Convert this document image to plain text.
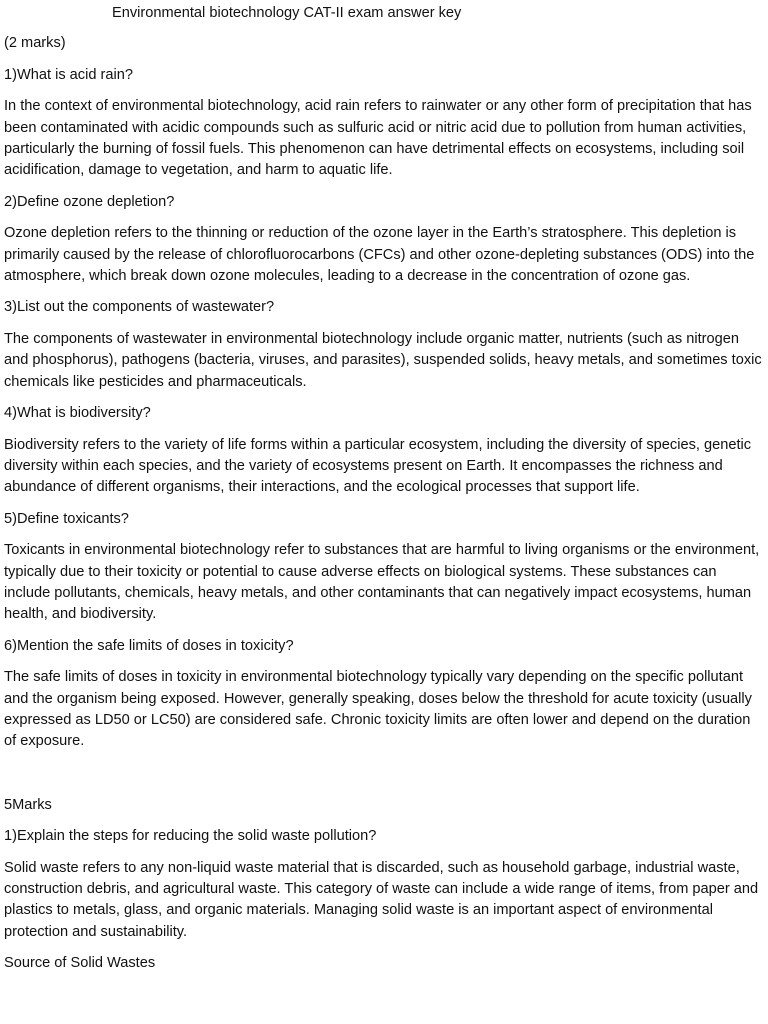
Environmental biotechnology CAT-II exam answer key

(2 marks)

1)What is acid rain?

In the context of environmental biotechnology, acid rain refers to rainwater or any other form of precipitation that has been contaminated with acidic compounds such as sulfuric acid or nitric acid due to pollution from human activities, particularly the burning of fossil fuels. This phenomenon can have detrimental effects on ecosystems, including soil acidification, damage to vegetation, and harm to aquatic life.

2)Define ozone depletion?

Ozone depletion refers to the thinning or reduction of the ozone layer in the Earth’s stratosphere. This depletion is primarily caused by the release of chlorofluorocarbons (CFCs) and other ozone-depleting substances (ODS) into the atmosphere, which break down ozone molecules, leading to a decrease in the concentration of ozone gas.

3)List out the components of wastewater?

The components of wastewater in environmental biotechnology include organic matter, nutrients (such as nitrogen and phosphorus), pathogens (bacteria, viruses, and parasites), suspended solids, heavy metals, and sometimes toxic chemicals like pesticides and pharmaceuticals.

4)What is biodiversity?

Biodiversity refers to the variety of life forms within a particular ecosystem, including the diversity of species, genetic diversity within each species, and the variety of ecosystems present on Earth. It encompasses the richness and abundance of different organisms, their interactions, and the ecological processes that support life.

5)Define toxicants?

Toxicants in environmental biotechnology refer to substances that are harmful to living organisms or the environment, typically due to their toxicity or potential to cause adverse effects on biological systems. These substances can include pollutants, chemicals, heavy metals, and other contaminants that can negatively impact ecosystems, human health, and biodiversity.

6)Mention the safe limits of doses in toxicity?

The safe limits of doses in toxicity in environmental biotechnology typically vary depending on the specific pollutant and the organism being exposed. However, generally speaking, doses below the threshold for acute toxicity (usually expressed as LD50 or LC50) are considered safe. Chronic toxicity limits are often lower and depend on the duration of exposure.

5Marks

1)Explain the steps for reducing the solid waste pollution?

Solid waste refers to any non-liquid waste material that is discarded, such as household garbage, industrial waste, construction debris, and agricultural waste. This category of waste can include a wide range of items, from paper and plastics to metals, glass, and organic materials. Managing solid waste is an important aspect of environmental protection and sustainability.

Source of Solid Wastes
